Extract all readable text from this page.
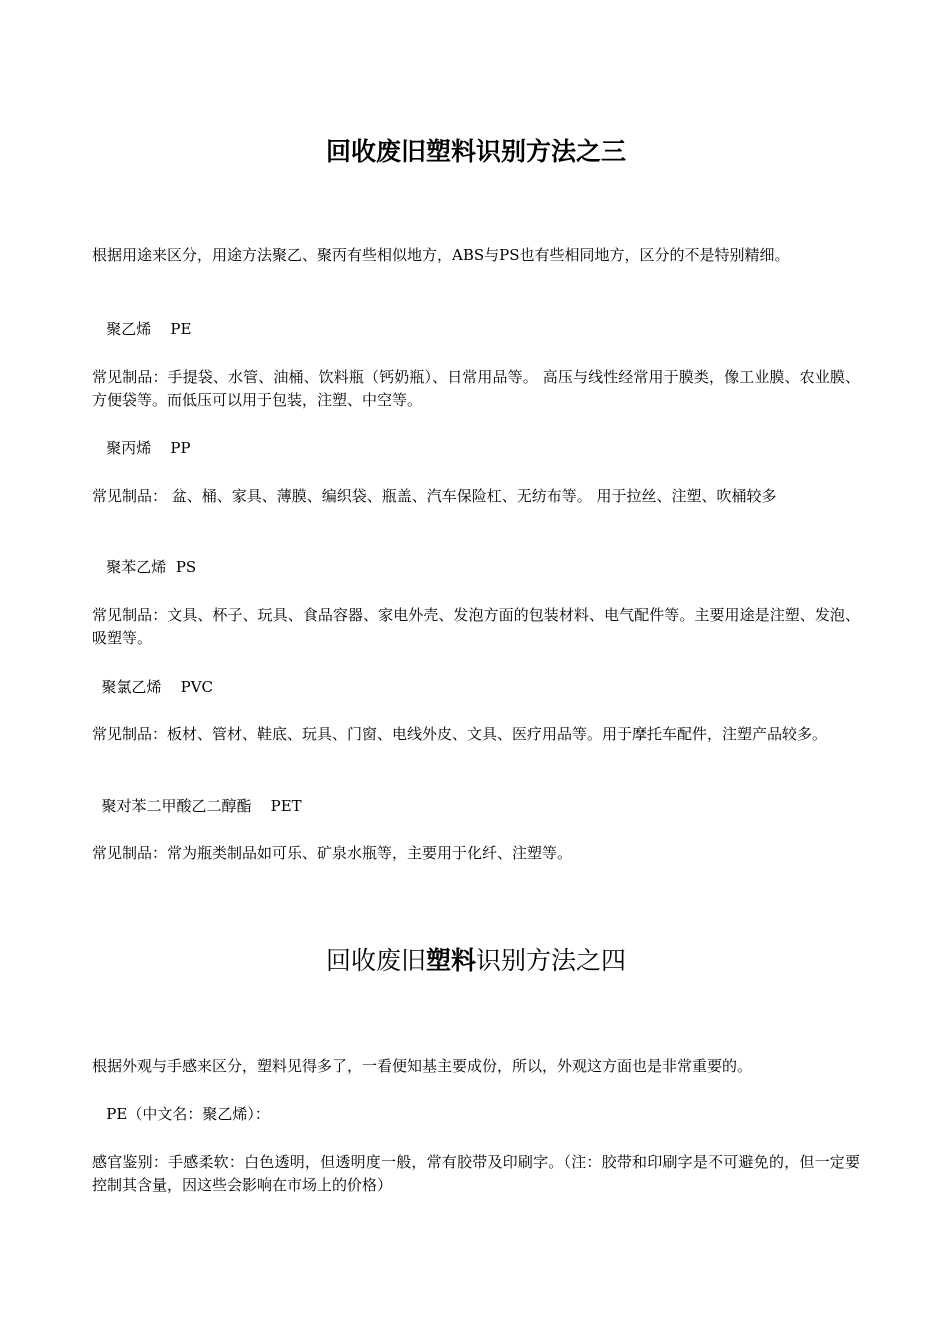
回收废旧塑料识别方法之三

根据用途来区分，用途方法聚乙、聚丙有些相似地方，ABS与PS也有些相同地方，区分的不是特别精细。

聚乙烯    PE

常见制品：手提袋、水管、油桶、饮料瓶（钙奶瓶）、日常用品等。 高压与线性经常用于膜类，像工业膜、农业膜、方便袋等。而低压可以用于包装，注塑、中空等。

聚丙烯    PP

常见制品： 盆、桶、家具、薄膜、编织袋、瓶盖、汽车保险杠、无纺布等。 用于拉丝、注塑、吹桶较多

聚苯乙烯  PS

常见制品：文具、杯子、玩具、食品容器、家电外壳、发泡方面的包装材料、电气配件等。主要用途是注塑、发泡、吸塑等。

聚氯乙烯    PVC

常见制品：板材、管材、鞋底、玩具、门窗、电线外皮、文具、医疗用品等。用于摩托车配件，注塑产品较多。

聚对苯二甲酸乙二醇酯    PET

常见制品：常为瓶类制品如可乐、矿泉水瓶等，主要用于化纤、注塑等。

回收废旧塑料识别方法之四

根据外观与手感来区分，塑料见得多了，一看便知基主要成份，所以，外观这方面也是非常重要的。

PE（中文名：聚乙烯）：

感官鉴别：手感柔软：白色透明，但透明度一般，常有胶带及印刷字。（注：胶带和印刷字是不可避免的，但一定要控制其含量，因这些会影响在市场上的价格）
